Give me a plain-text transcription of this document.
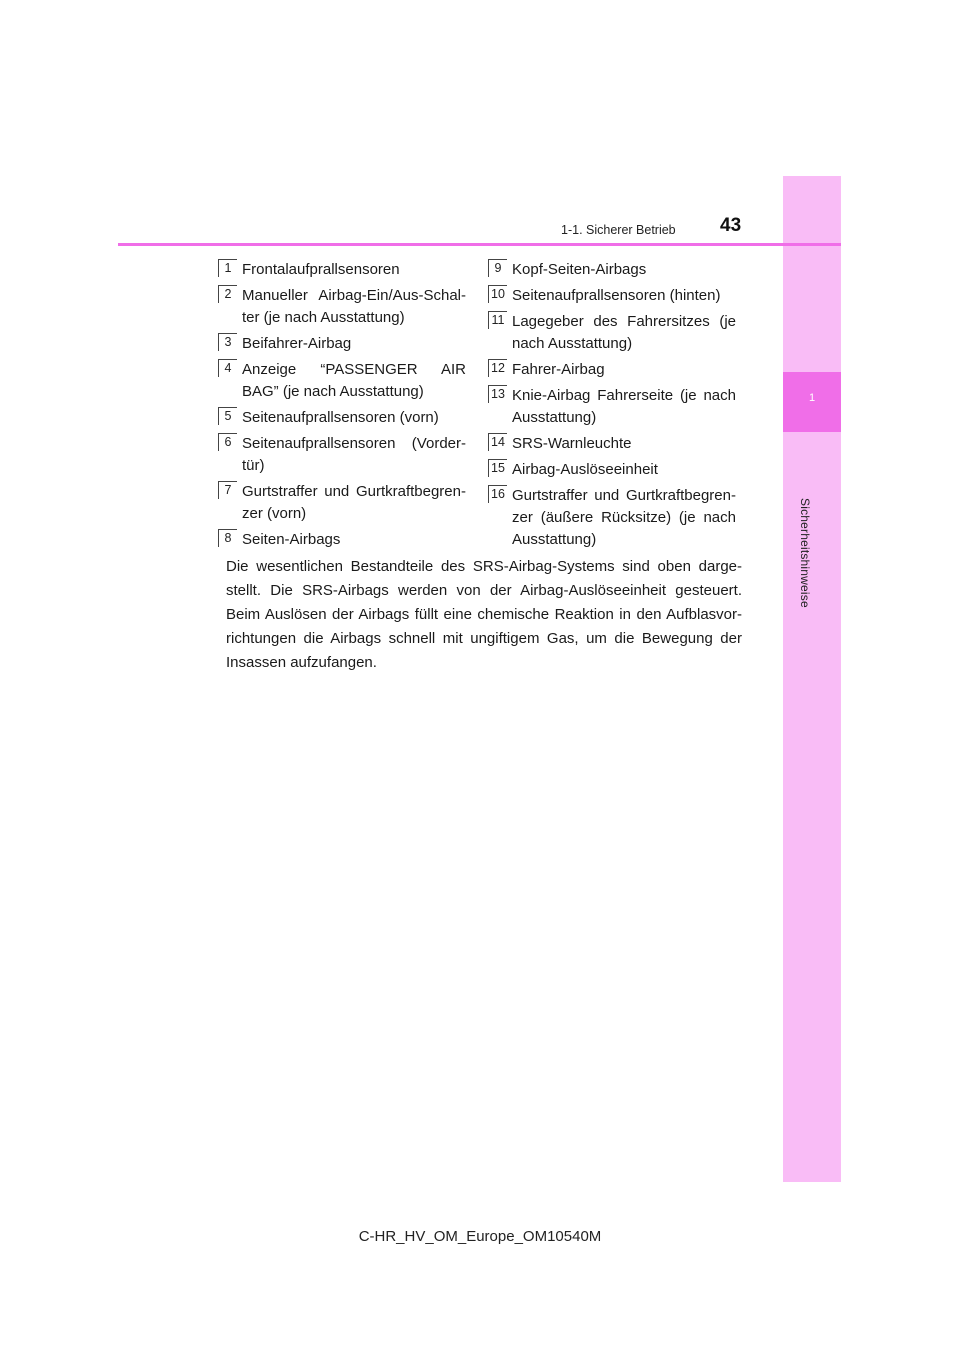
1
Sicherheitshinweise
1-1. Sicherer Betrieb 43
1 Frontalaufprallsensoren
2 Manueller Airbag-Ein/Aus-Schal-ter (je nach Ausstattung)
3 Beifahrer-Airbag
4 Anzeige “PASSENGER AIR BAG” (je nach Ausstattung)
5 Seitenaufprallsensoren (vorn)
6 Seitenaufprallsensoren (Vorder-tür)
7 Gurtstraffer und Gurtkraftbegren-zer (vorn)
8 Seiten-Airbags
9 Kopf-Seiten-Airbags
10 Seitenaufprallsensoren (hinten)
11 Lagegeber des Fahrersitzes (je nach Ausstattung)
12 Fahrer-Airbag
13 Knie-Airbag Fahrerseite (je nach Ausstattung)
14 SRS-Warnleuchte
15 Airbag-Auslöseeinheit
16 Gurtstraffer und Gurtkraftbegren-zer (äußere Rücksitze) (je nach Ausstattung)
Die wesentlichen Bestandteile des SRS-Airbag-Systems sind oben darge-stellt. Die SRS-Airbags werden von der Airbag-Auslöseeinheit gesteuert. Beim Auslösen der Airbags füllt eine chemische Reaktion in den Aufblasvor-richtungen die Airbags schnell mit ungiftigem Gas, um die Bewegung der Insassen aufzufangen.
C-HR_HV_OM_Europe_OM10540M
